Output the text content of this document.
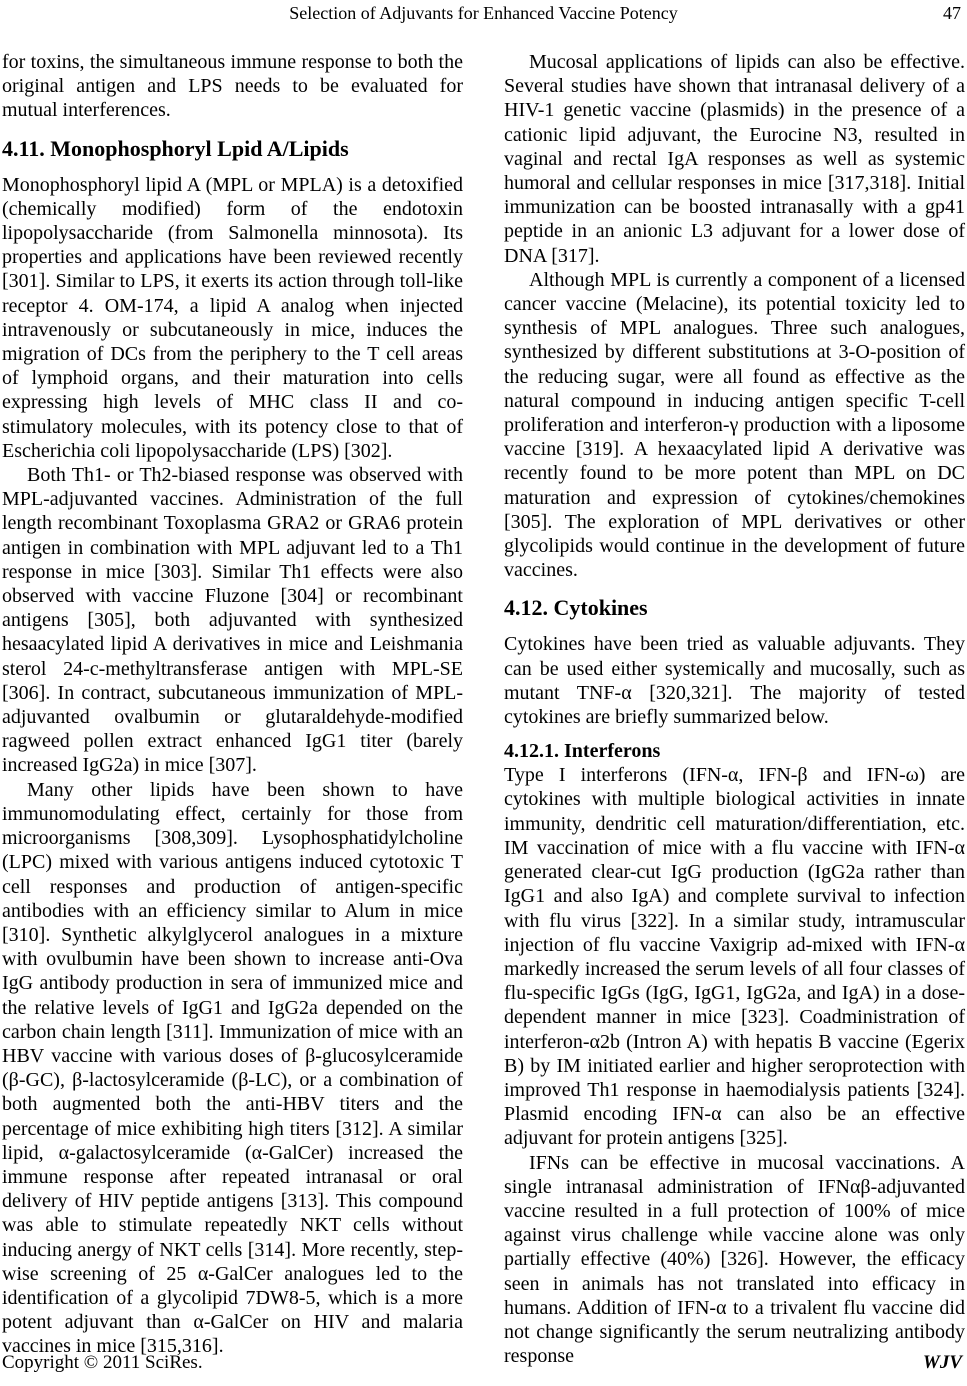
Selection of Adjuvants for Enhanced Vaccine Potency	47

for toxins, the simultaneous immune response to both the original antigen and LPS needs to be evaluated for mutual interferences.

4.11. Monophosphoryl Lpid A/Lipids

Monophosphoryl lipid A (MPL or MPLA) is a detoxified (chemically modified) form of the endotoxin lipopolysaccharide (from Salmonella minnosota). Its properties and applications have been reviewed recently [301]. Similar to LPS, it exerts its action through toll-like receptor 4. OM-174, a lipid A analog when injected intravenously or subcutaneously in mice, induces the migration of DCs from the periphery to the T cell areas of lymphoid organs, and their maturation into cells expressing high levels of MHC class II and co-stimulatory molecules, with its potency close to that of Escherichia coli lipopolysaccharide (LPS) [302].

Both Th1- or Th2-biased response was observed with MPL-adjuvanted vaccines. Administration of the full length recombinant Toxoplasma GRA2 or GRA6 protein antigen in combination with MPL adjuvant led to a Th1 response in mice [303]. Similar Th1 effects were also observed with vaccine Fluzone [304] or recombinant antigens [305], both adjuvanted with synthesized hesaacylated lipid A derivatives in mice and Leishmania sterol 24-c-methyltransferase antigen with MPL-SE [306]. In contract, subcutaneous immunization of MPL-adjuvanted ovalbumin or glutaraldehyde-modified ragweed pollen extract enhanced IgG1 titer (barely increased IgG2a) in mice [307].

Many other lipids have been shown to have immunomodulating effect, certainly for those from microorganisms [308,309]. Lysophosphatidylcholine (LPC) mixed with various antigens induced cytotoxic T cell responses and production of antigen-specific antibodies with an efficiency similar to Alum in mice [310]. Synthetic alkylglycerol analogues in a mixture with ovulbumin have been shown to increase anti-Ova IgG antibody production in sera of immunized mice and the relative levels of IgG1 and IgG2a depended on the carbon chain length [311]. Immunization of mice with an HBV vaccine with various doses of β-glucosylceramide (β-GC), β-lactosylceramide (β-LC), or a combination of both augmented both the anti-HBV titers and the percentage of mice exhibiting high titers [312]. A similar lipid, α-galactosylceramide (α-GalCer) increased the immune response after repeated intranasal or oral delivery of HIV peptide antigens [313]. This compound was able to stimulate repeatedly NKT cells without inducing anergy of NKT cells [314]. More recently, step-wise screening of 25 α-GalCer analogues led to the identification of a glycolipid 7DW8-5, which is a more potent adjuvant than α-GalCer on HIV and malaria vaccines in mice [315,316].

Mucosal applications of lipids can also be effective. Several studies have shown that intranasal delivery of a HIV-1 genetic vaccine (plasmids) in the presence of a cationic lipid adjuvant, the Eurocine N3, resulted in vaginal and rectal IgA responses as well as systemic humoral and cellular responses in mice [317,318]. Initial immunization can be boosted intranasally with a gp41 peptide in an anionic L3 adjuvant for a lower dose of DNA [317].

Although MPL is currently a component of a licensed cancer vaccine (Melacine), its potential toxicity led to synthesis of MPL analogues. Three such analogues, synthesized by different substitutions at 3-O-position of the reducing sugar, were all found as effective as the natural compound in inducing antigen specific T-cell proliferation and interferon-γ production with a liposome vaccine [319]. A hexaacylated lipid A derivative was recently found to be more potent than MPL on DC maturation and expression of cytokines/chemokines [305]. The exploration of MPL derivatives or other glycolipids would continue in the development of future vaccines.

4.12. Cytokines

Cytokines have been tried as valuable adjuvants. They can be used either systemically and mucosally, such as mutant TNF-α [320,321]. The majority of tested cytokines are briefly summarized below.

4.12.1. Interferons

Type I interferons (IFN-α, IFN-β and IFN-ω) are cytokines with multiple biological activities in innate immunity, dendritic cell maturation/differentiation, etc. IM vaccination of mice with a flu vaccine with IFN-α generated clear-cut IgG production (IgG2a rather than IgG1 and also IgA) and complete survival to infection with flu virus [322]. In a similar study, intramuscular injection of flu vaccine Vaxigrip ad-mixed with IFN-α markedly increased the serum levels of all four classes of flu-specific IgGs (IgG, IgG1, IgG2a, and IgA) in a dose-dependent manner in mice [323]. Coadministration of interferon-α2b (Intron A) with hepatis B vaccine (Egerix B) by IM initiated earlier and higher seroprotection with improved Th1 response in haemodialysis patients [324]. Plasmid encoding IFN-α can also be an effective adjuvant for protein antigens [325].

IFNs can be effective in mucosal vaccinations. A single intranasal administration of IFNαβ-adjuvanted vaccine resulted in a full protection of 100% of mice against virus challenge while vaccine alone was only partially effective (40%) [326]. However, the efficacy seen in animals has not translated into efficacy in humans. Addition of IFN-α to a trivalent flu vaccine did not change significantly the serum neutralizing antibody response

Copyright © 2011 SciRes.	WJV
